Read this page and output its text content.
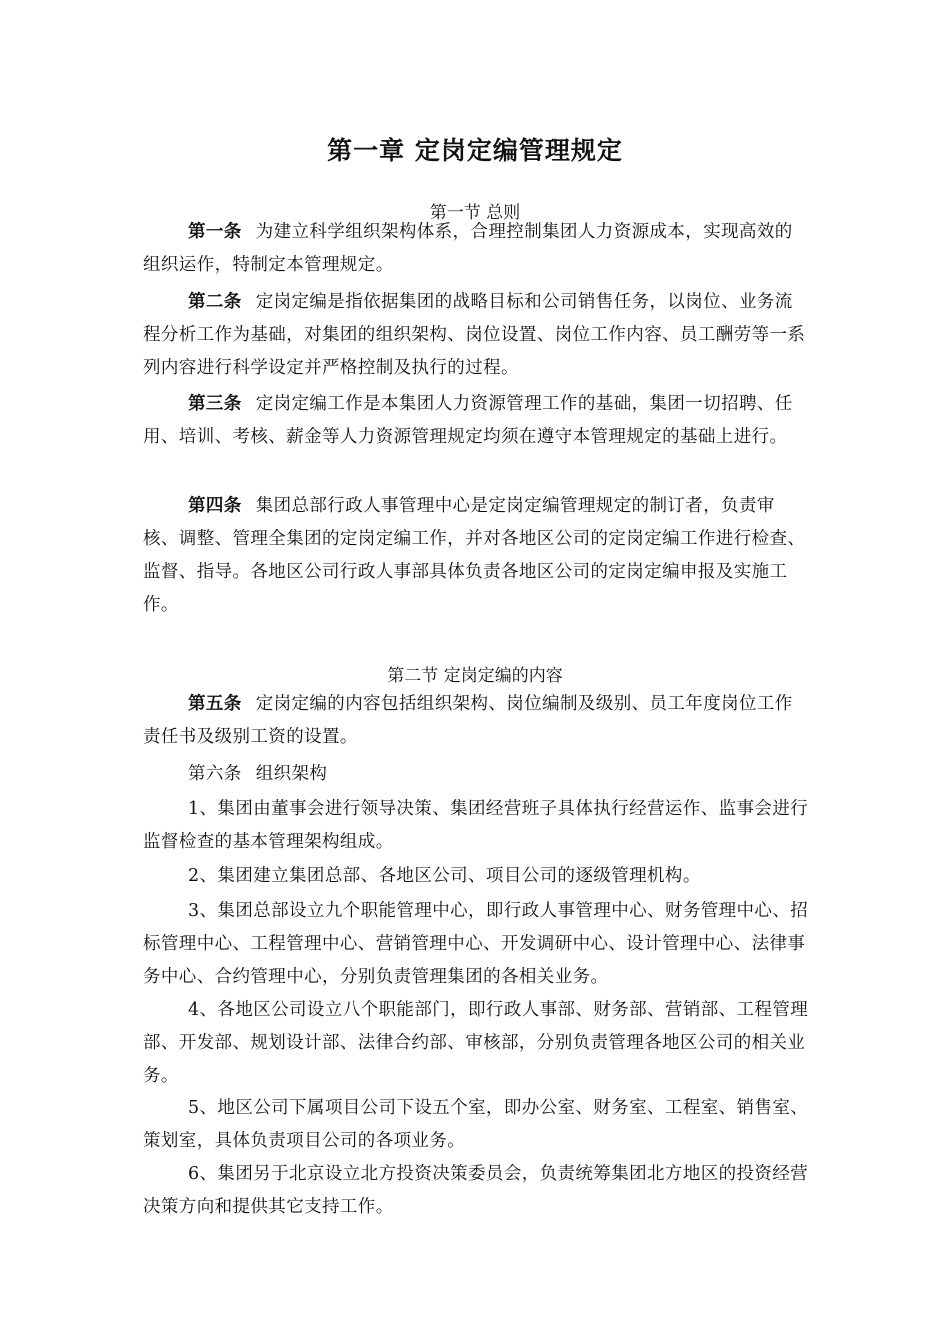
第一章 定岗定编管理规定
第一节 总则
第一条 为建立科学组织架构体系，合理控制集团人力资源成本，实现高效的组织运作，特制定本管理规定。
第二条 定岗定编是指依据集团的战略目标和公司销售任务，以岗位、业务流程分析工作为基础，对集团的组织架构、岗位设置、岗位工作内容、员工酬劳等一系列内容进行科学设定并严格控制及执行的过程。
第三条 定岗定编工作是本集团人力资源管理工作的基础，集团一切招聘、任用、培训、考核、薪金等人力资源管理规定均须在遵守本管理规定的基础上进行。
第四条 集团总部行政人事管理中心是定岗定编管理规定的制订者，负责审核、调整、管理全集团的定岗定编工作，并对各地区公司的定岗定编工作进行检查、监督、指导。各地区公司行政人事部具体负责各地区公司的定岗定编申报及实施工作。
第二节 定岗定编的内容
第五条 定岗定编的内容包括组织架构、岗位编制及级别、员工年度岗位工作责任书及级别工资的设置。
第六条 组织架构
1、集团由董事会进行领导决策、集团经营班子具体执行经营运作、监事会进行监督检查的基本管理架构组成。
2、集团建立集团总部、各地区公司、项目公司的逐级管理机构。
3、集团总部设立九个职能管理中心，即行政人事管理中心、财务管理中心、招标管理中心、工程管理中心、营销管理中心、开发调研中心、设计管理中心、法律事务中心、合约管理中心，分别负责管理集团的各相关业务。
4、各地区公司设立八个职能部门，即行政人事部、财务部、营销部、工程管理部、开发部、规划设计部、法律合约部、审核部，分别负责管理各地区公司的相关业务。
5、地区公司下属项目公司下设五个室，即办公室、财务室、工程室、销售室、策划室，具体负责项目公司的各项业务。
6、集团另于北京设立北方投资决策委员会，负责统筹集团北方地区的投资经营决策方向和提供其它支持工作。
